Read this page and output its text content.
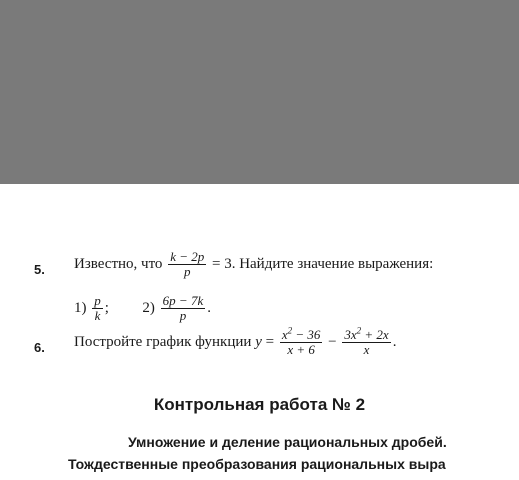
5. Известно, что $\frac{k - 2p}{p} = 3$. Найдите значение выражения:
$1) \frac{p}{k}$ ; $2) \frac{6p - 7k}{p}$ .
6. Постройте график функции $y = \frac{x^2 - 36}{x + 6} - \frac{3x^2 + 2x}{x}$ .
Контрольная работа № 2
Умножение и деление рациональных дробей.
Тождественные преобразования рациональных выра
